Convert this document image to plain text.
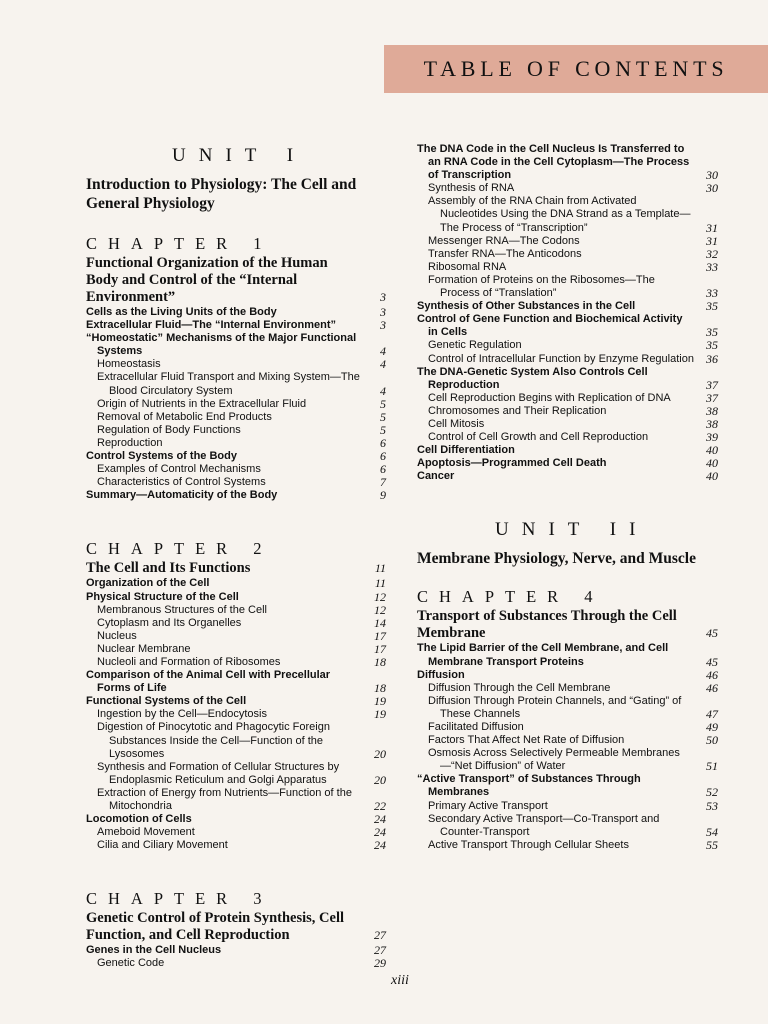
TABLE OF CONTENTS
UNIT I
Introduction to Physiology: The Cell and General Physiology
CHAPTER 1
Functional Organization of the Human Body and Control of the “Internal Environment”	3
Cells as the Living Units of the Body	3
Extracellular Fluid—The “Internal Environment”	3
“Homeostatic” Mechanisms of the Major Functional Systems	4
Homeostasis	4
Extracellular Fluid Transport and Mixing System—The Blood Circulatory System	4
Origin of Nutrients in the Extracellular Fluid	5
Removal of Metabolic End Products	5
Regulation of Body Functions	5
Reproduction	6
Control Systems of the Body	6
Examples of Control Mechanisms	6
Characteristics of Control Systems	7
Summary—Automaticity of the Body	9
CHAPTER 2
The Cell and Its Functions	11
Organization of the Cell	11
Physical Structure of the Cell	12
Membranous Structures of the Cell	12
Cytoplasm and Its Organelles	14
Nucleus	17
Nuclear Membrane	17
Nucleoli and Formation of Ribosomes	18
Comparison of the Animal Cell with Precellular Forms of Life	18
Functional Systems of the Cell	19
Ingestion by the Cell—Endocytosis	19
Digestion of Pinocytotic and Phagocytic Foreign Substances Inside the Cell—Function of the Lysosomes	20
Synthesis and Formation of Cellular Structures by Endoplasmic Reticulum and Golgi Apparatus	20
Extraction of Energy from Nutrients—Function of the Mitochondria	22
Locomotion of Cells	24
Ameboid Movement	24
Cilia and Ciliary Movement	24
CHAPTER 3
Genetic Control of Protein Synthesis, Cell Function, and Cell Reproduction	27
Genes in the Cell Nucleus	27
Genetic Code	29
The DNA Code in the Cell Nucleus Is Transferred to an RNA Code in the Cell Cytoplasm—The Process of Transcription	30
Synthesis of RNA	30
Assembly of the RNA Chain from Activated Nucleotides Using the DNA Strand as a Template—The Process of “Transcription”	31
Messenger RNA—The Codons	31
Transfer RNA—The Anticodons	32
Ribosomal RNA	33
Formation of Proteins on the Ribosomes—The Process of “Translation”	33
Synthesis of Other Substances in the Cell	35
Control of Gene Function and Biochemical Activity in Cells	35
Genetic Regulation	35
Control of Intracellular Function by Enzyme Regulation 36
The DNA-Genetic System Also Controls Cell Reproduction	37
Cell Reproduction Begins with Replication of DNA	37
Chromosomes and Their Replication	38
Cell Mitosis	38
Control of Cell Growth and Cell Reproduction	39
Cell Differentiation	40
Apoptosis—Programmed Cell Death	40
Cancer	40
UNIT II
Membrane Physiology, Nerve, and Muscle
CHAPTER 4
Transport of Substances Through the Cell Membrane	45
The Lipid Barrier of the Cell Membrane, and Cell Membrane Transport Proteins	45
Diffusion	46
Diffusion Through the Cell Membrane	46
Diffusion Through Protein Channels, and “Gating” of These Channels	47
Facilitated Diffusion	49
Factors That Affect Net Rate of Diffusion	50
Osmosis Across Selectively Permeable Membranes—“Net Diffusion” of Water	51
“Active Transport” of Substances Through Membranes	52
Primary Active Transport	53
Secondary Active Transport—Co-Transport and Counter-Transport	54
Active Transport Through Cellular Sheets	55
xiii
